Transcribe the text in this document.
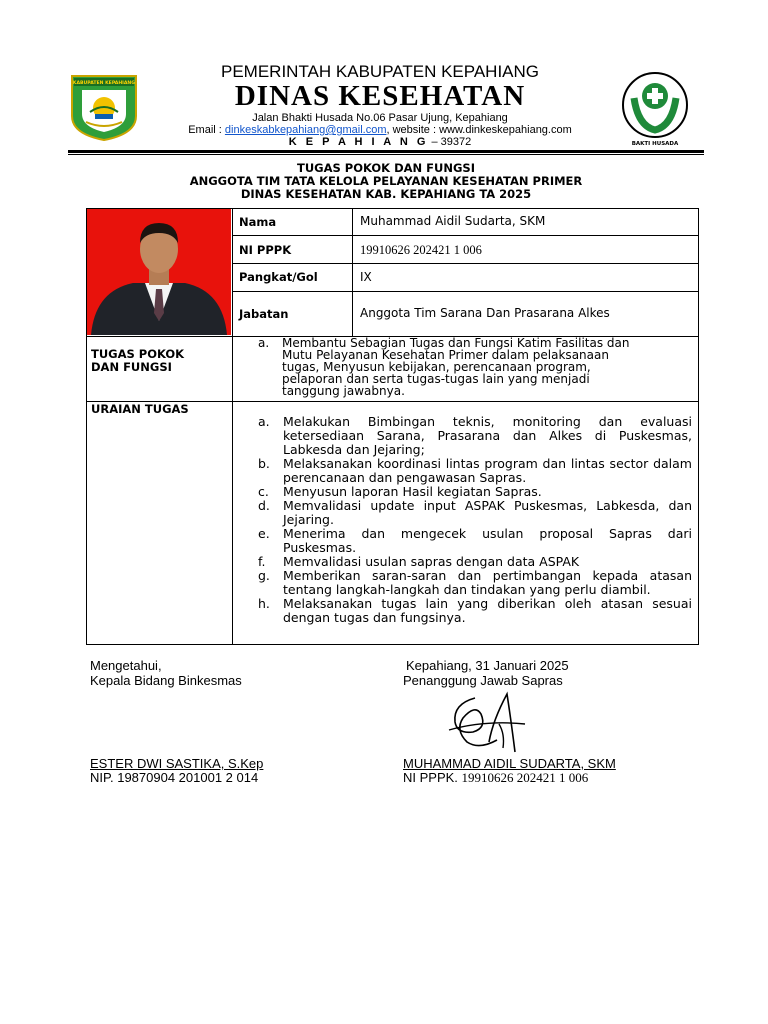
KABUPATEN KEPAHIANG
PEMERINTAH KABUPATEN KEPAHIANG
DINAS KESEHATAN
Jalan Bhakti Husada No.06 Pasar Ujung, Kepahiang
Email : dinkeskabkepahiang@gmail.com, website : www.dinkeskepahiang.com
K E P A H I A N G – 39372	BAKTI HUSADA
TUGAS POKOK DAN FUNGSI
ANGGOTA TIM TATA KELOLA PELAYANAN KESEHATAN PRIMER
DINAS KESEHATAN KAB. KEPAHIANG TA 2025
Nama	Muhammad Aidil Sudarta, SKM
NI PPPK	19910626 202421 1 006
Pangkat/Gol	IX
Jabatan	Anggota Tim Sarana Dan Prasarana Alkes
TUGAS POKOK
DAN FUNGSI
a. Membantu Sebagian Tugas dan Fungsi Katim Fasilitas dan
Mutu Pelayanan Kesehatan Primer dalam pelaksanaan
tugas, Menyusun kebijakan, perencanaan program,
pelaporan dan serta tugas-tugas lain yang menjadi
tanggung jawabnya.
URAIAN TUGAS
a. Melakukan Bimbingan teknis, monitoring dan evaluasi ketersediaan Sarana, Prasarana dan Alkes di Puskesmas, Labkesda dan Jejaring;
b. Melaksanakan koordinasi lintas program dan lintas sector dalam perencanaan dan pengawasan Sapras.
c. Menyusun laporan Hasil kegiatan Sapras.
d. Memvalidasi update input ASPAK Puskesmas, Labkesda, dan Jejaring.
e. Menerima dan mengecek usulan proposal Sapras dari Puskesmas.
f. Memvalidasi usulan sapras dengan data ASPAK
g. Memberikan saran-saran dan pertimbangan kepada atasan tentang langkah-langkah dan tindakan yang perlu diambil.
h. Melaksanakan tugas lain yang diberikan oleh atasan sesuai dengan tugas dan fungsinya.
Mengetahui,
Kepala Bidang Binkesmas
ESTER DWI SASTIKA, S.Kep
NIP. 19870904 201001 2 014
Kepahiang, 31 Januari 2025
Penanggung Jawab Sapras
MUHAMMAD AIDIL SUDARTA, SKM
NI PPPK. 19910626 202421 1 006
